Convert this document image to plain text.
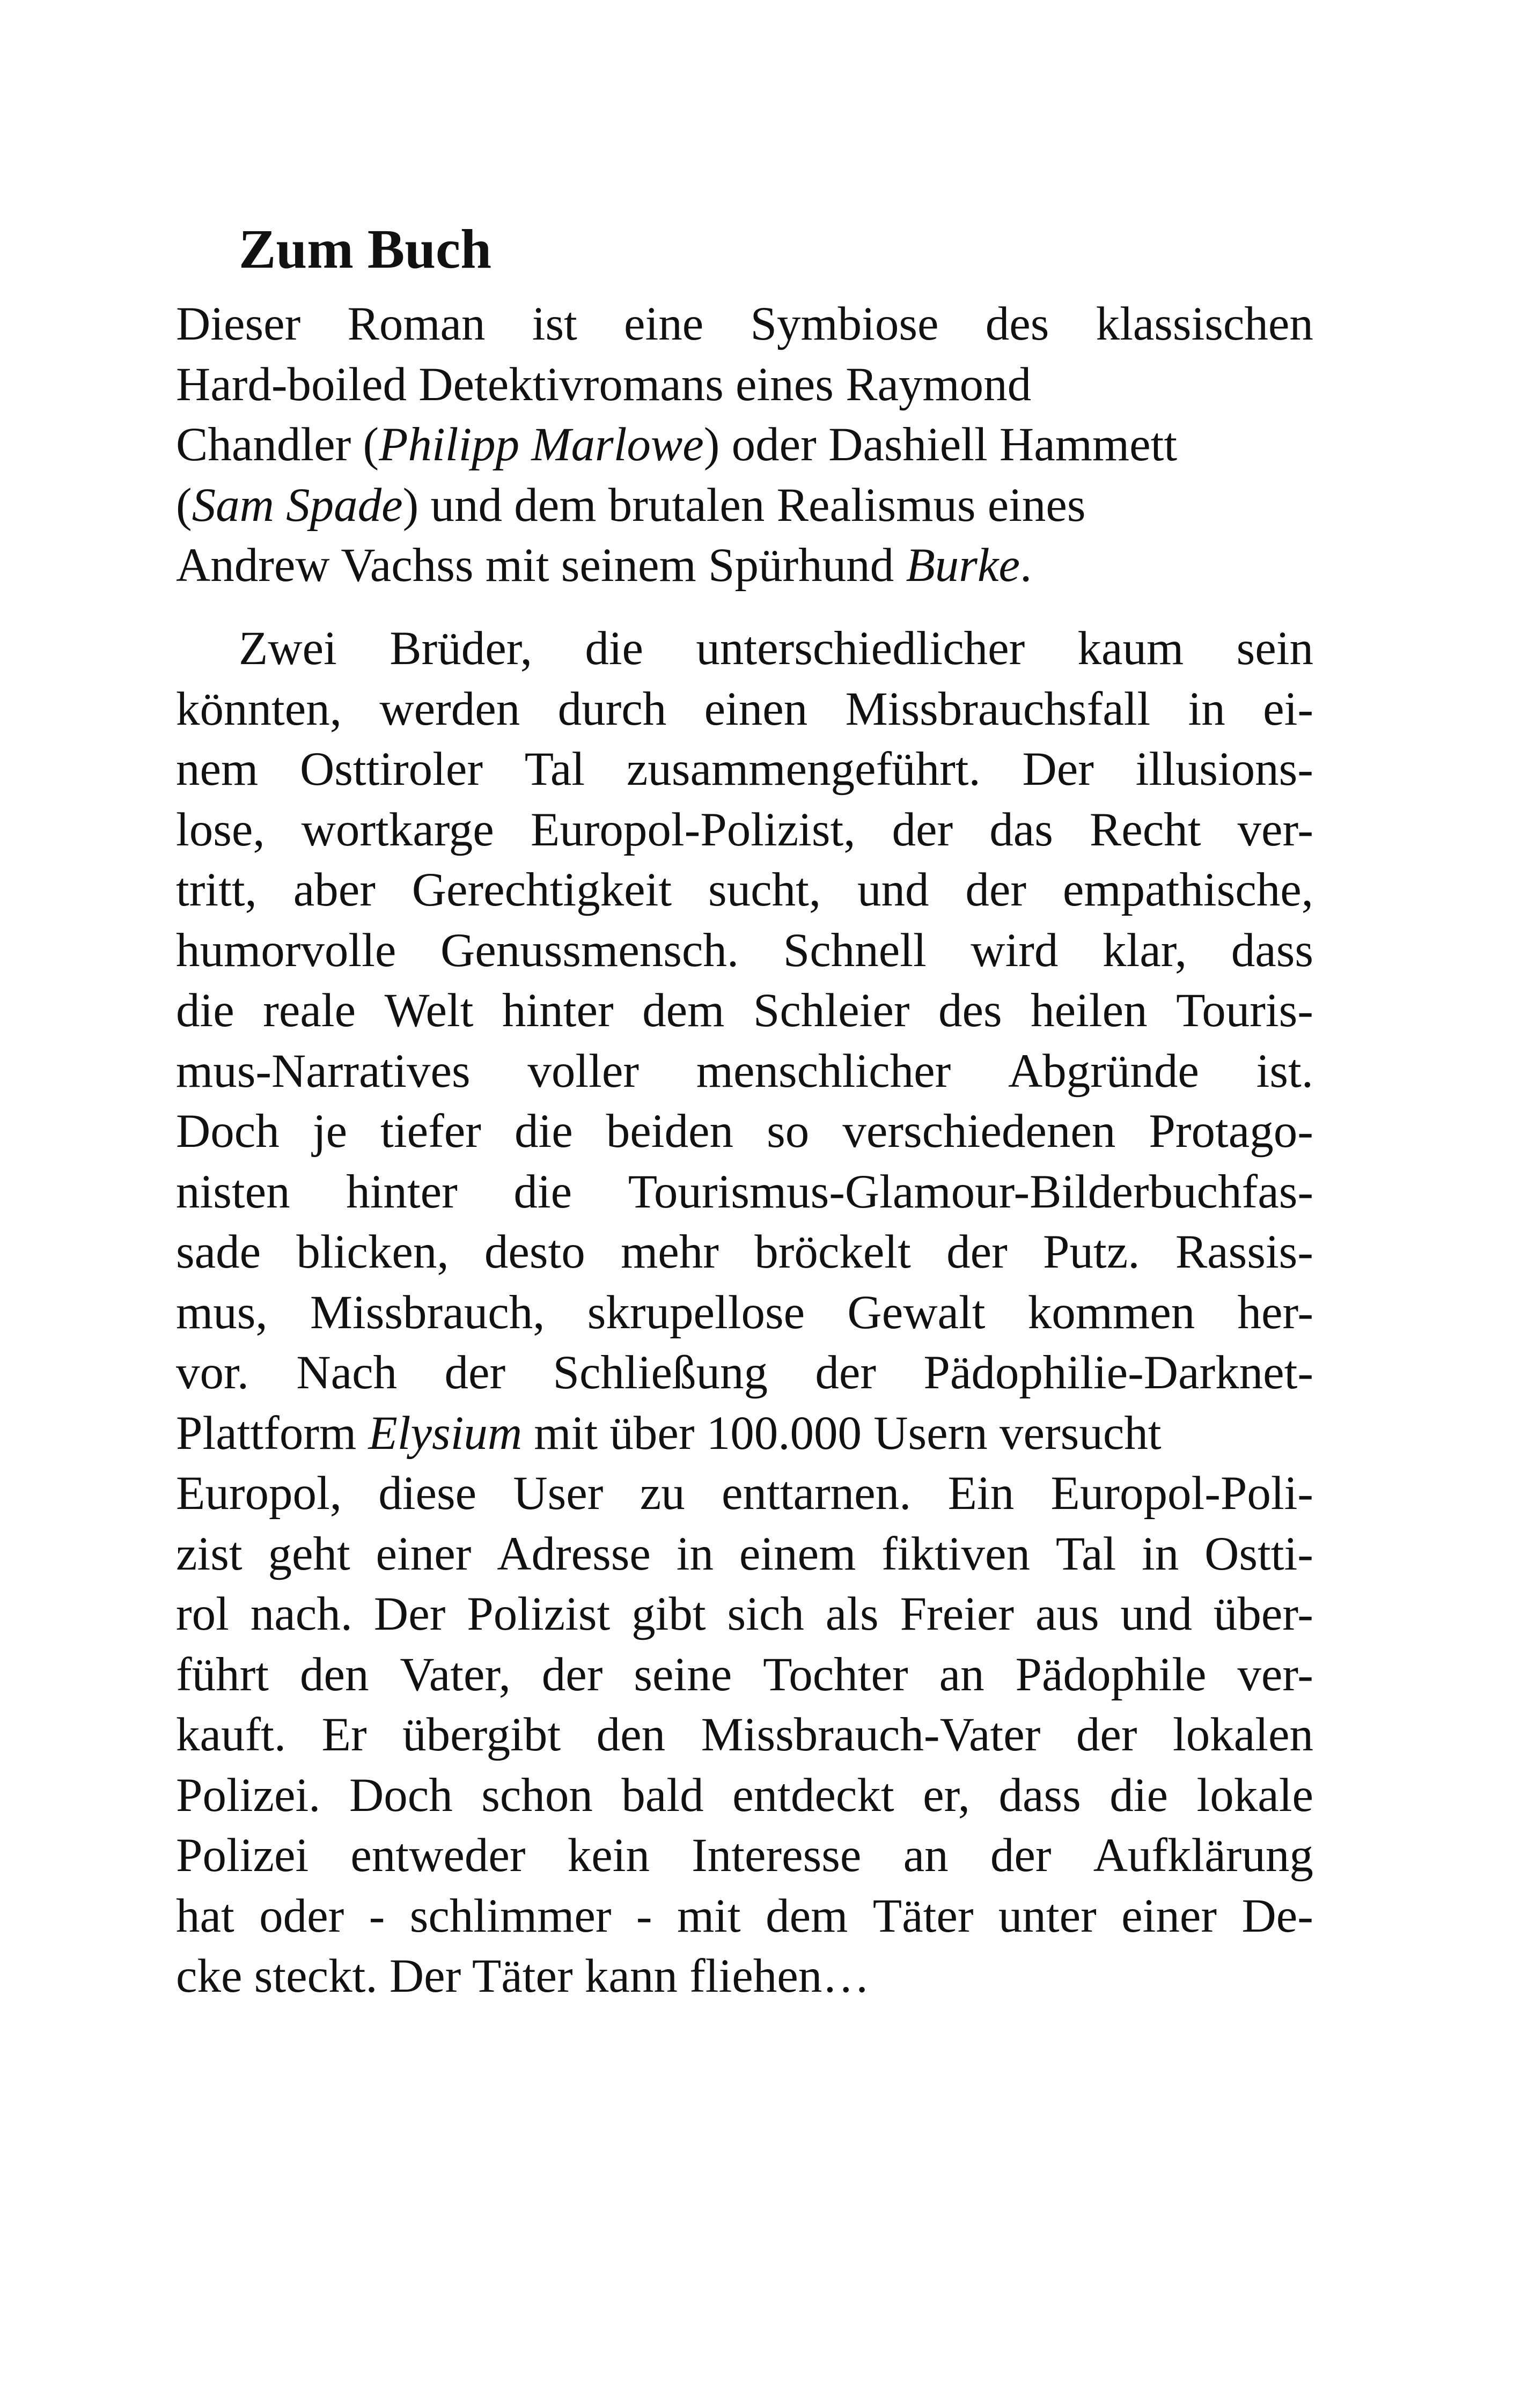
Zum Buch
Dieser Roman ist eine Symbiose des klassischen
Hard-boiled Detektivromans eines Raymond
Chandler (Philipp Marlowe) oder Dashiell Hammett
(Sam Spade) und dem brutalen Realismus eines
Andrew Vachss mit seinem Spürhund Burke.
Zwei Brüder, die unterschiedlicher kaum sein
könnten, werden durch einen Missbrauchsfall in ei-
nem Osttiroler Tal zusammengeführt. Der illusions-
lose, wortkarge Europol-Polizist, der das Recht ver-
tritt, aber Gerechtigkeit sucht, und der empathische,
humorvolle Genussmensch. Schnell wird klar, dass
die reale Welt hinter dem Schleier des heilen Touris-
mus-Narratives voller menschlicher Abgründe ist.
Doch je tiefer die beiden so verschiedenen Protago-
nisten hinter die Tourismus-Glamour-Bilderbuchfas-
sade blicken, desto mehr bröckelt der Putz. Rassis-
mus, Missbrauch, skrupellose Gewalt kommen her-
vor. Nach der Schließung der Pädophilie-Darknet-
Plattform Elysium mit über 100.000 Usern versucht
Europol, diese User zu enttarnen. Ein Europol-Poli-
zist geht einer Adresse in einem fiktiven Tal in Ostti-
rol nach. Der Polizist gibt sich als Freier aus und über-
führt den Vater, der seine Tochter an Pädophile ver-
kauft. Er übergibt den Missbrauch-Vater der lokalen
Polizei. Doch schon bald entdeckt er, dass die lokale
Polizei entweder kein Interesse an der Aufklärung
hat oder - schlimmer - mit dem Täter unter einer De-
cke steckt. Der Täter kann fliehen…
